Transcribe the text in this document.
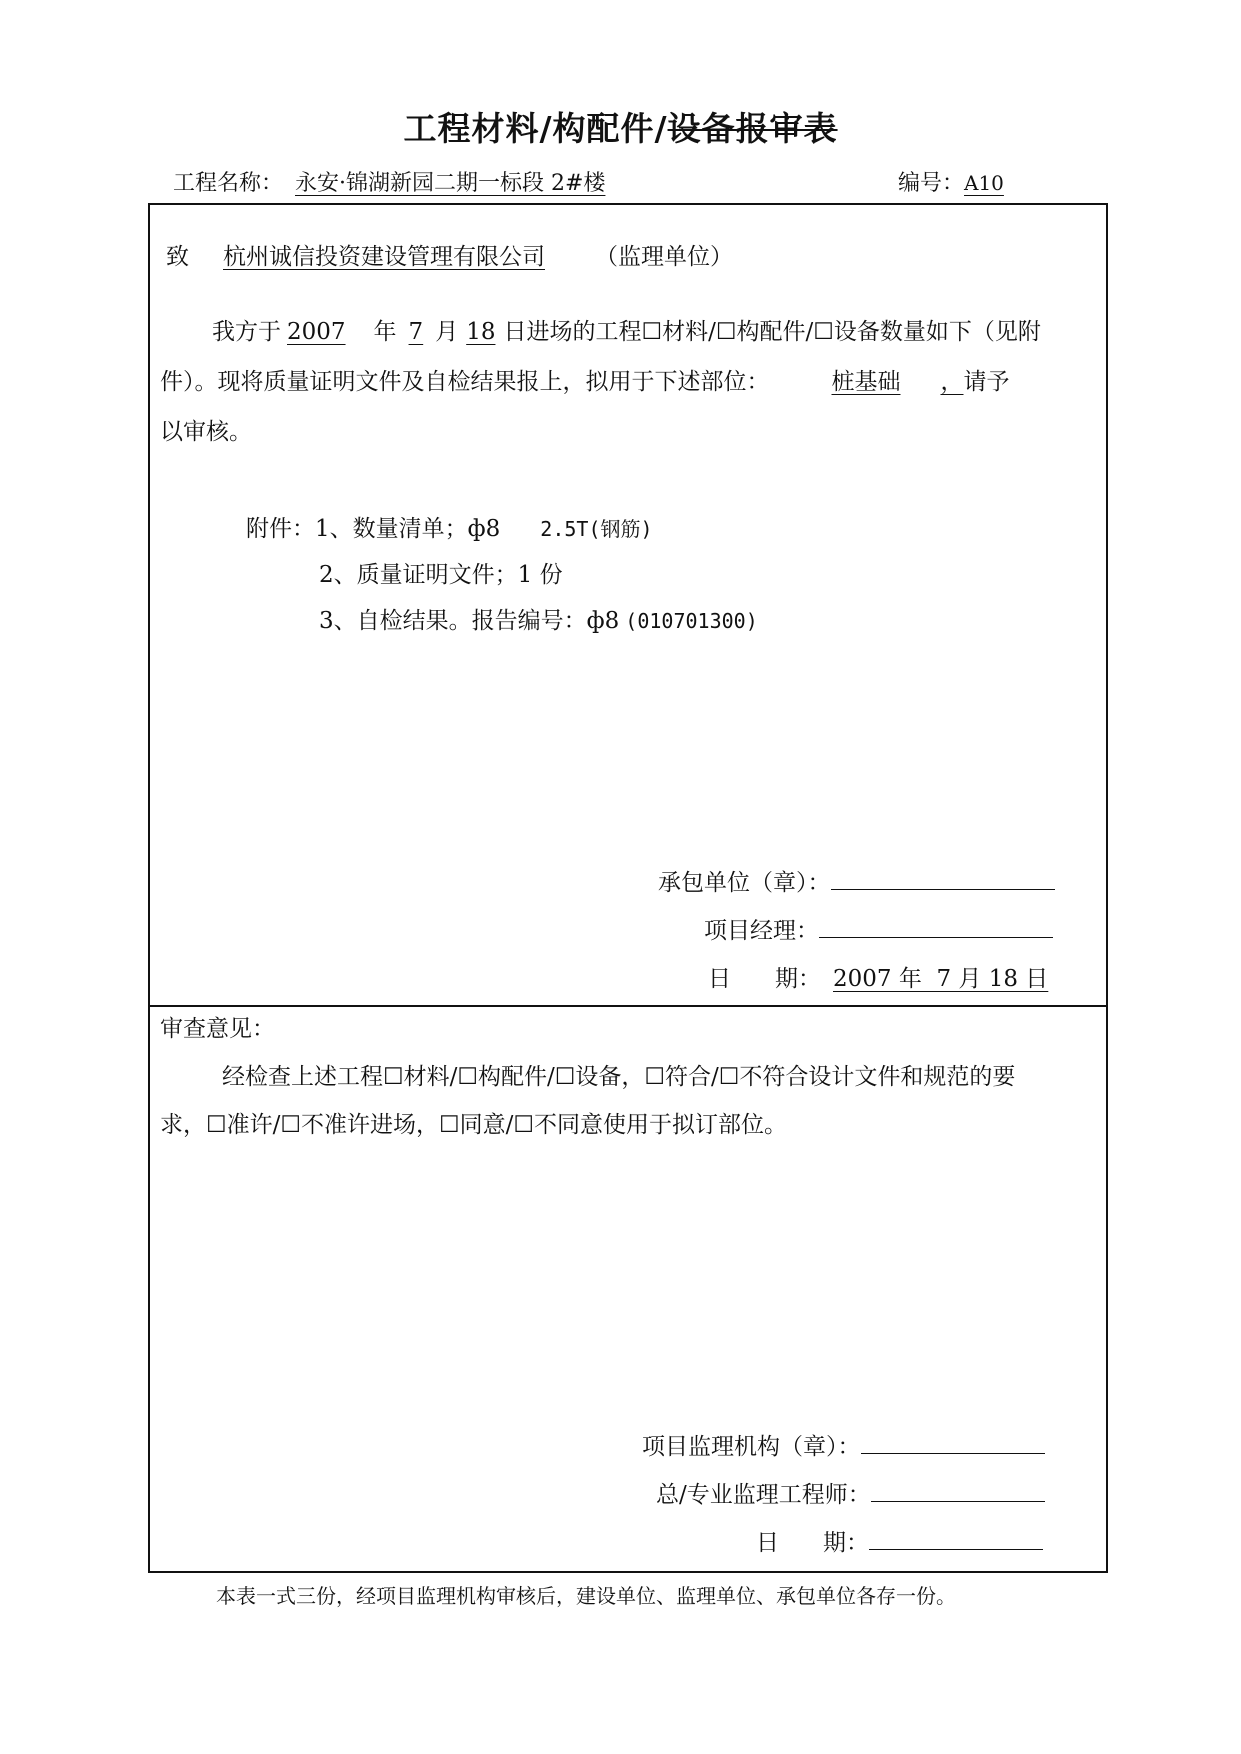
工程材料/构配件/设备报审表
工程名称： 永安·锦湖新园二期一标段 2#楼	编号：A10
致 杭州诚信投资建设管理有限公司 （监理单位）
我方于 2007 年 7 月 18 日进场的工程☐材料/☐构配件/☐设备数量如下（见附
件）。现将质量证明文件及自检结果报上，拟用于下述部位：	桩基础 ，请予
以审核。
附件：1、数量清单；ф8 2.5T(钢筋)
2、质量证明文件；1 份
3、自检结果。报告编号：ф8 (010701300)
承包单位（章）：
项目经理：
日 期： 2007 年  7 月 18 日
审查意见：
经检查上述工程☐材料/☐构配件/☐设备，☐符合/☐不符合设计文件和规范的要
求，☐准许/☐不准许进场，☐同意/☐不同意使用于拟订部位。
项目监理机构（章）：
总/专业监理工程师：
日 期：
本表一式三份，经项目监理机构审核后，建设单位、监理单位、承包单位各存一份。
